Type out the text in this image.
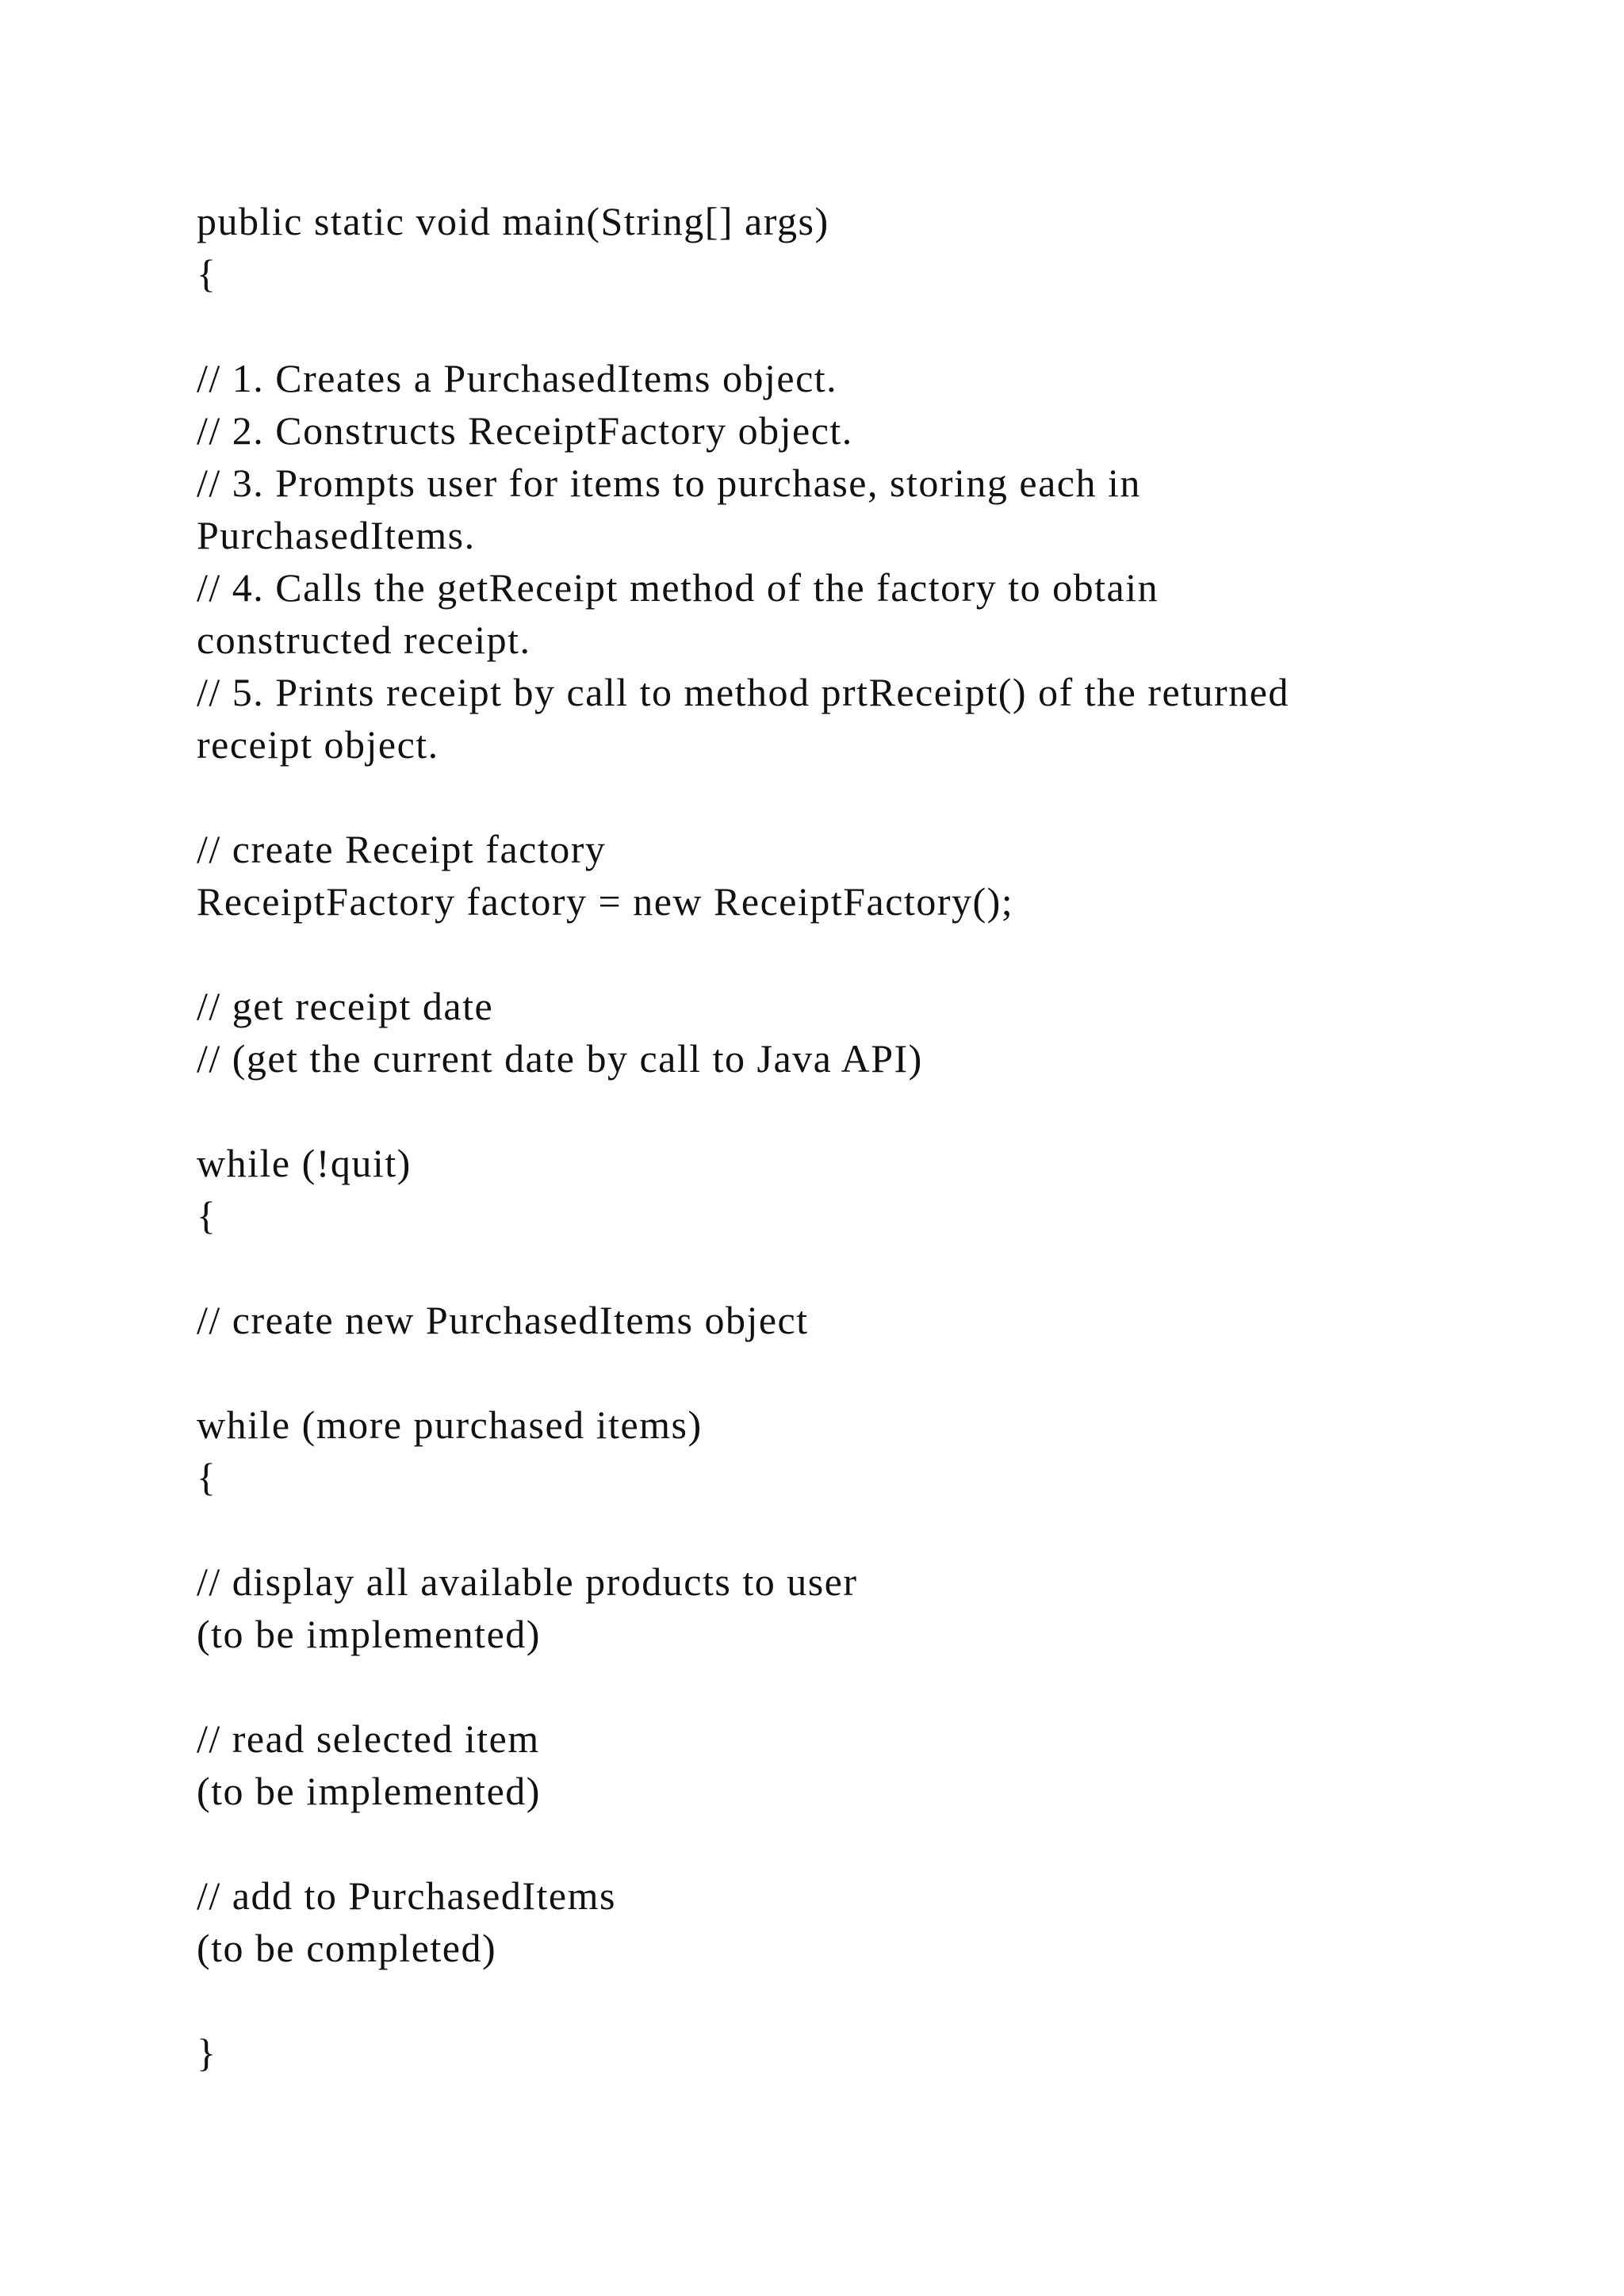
public static void main(String[] args)
{
// 1. Creates a PurchasedItems object.
// 2. Constructs ReceiptFactory object.
// 3. Prompts user for items to purchase, storing each in
PurchasedItems.
// 4. Calls the getReceipt method of the factory to obtain
constructed receipt.
// 5. Prints receipt by call to method prtReceipt() of the returned
receipt object.
// create Receipt factory
ReceiptFactory factory = new ReceiptFactory();
// get receipt date
// (get the current date by call to Java API)
while (!quit)
{
// create new PurchasedItems object
while (more purchased items)
{
// display all available products to user
(to be implemented)
// read selected item
(to be implemented)
// add to PurchasedItems
(to be completed)
}
